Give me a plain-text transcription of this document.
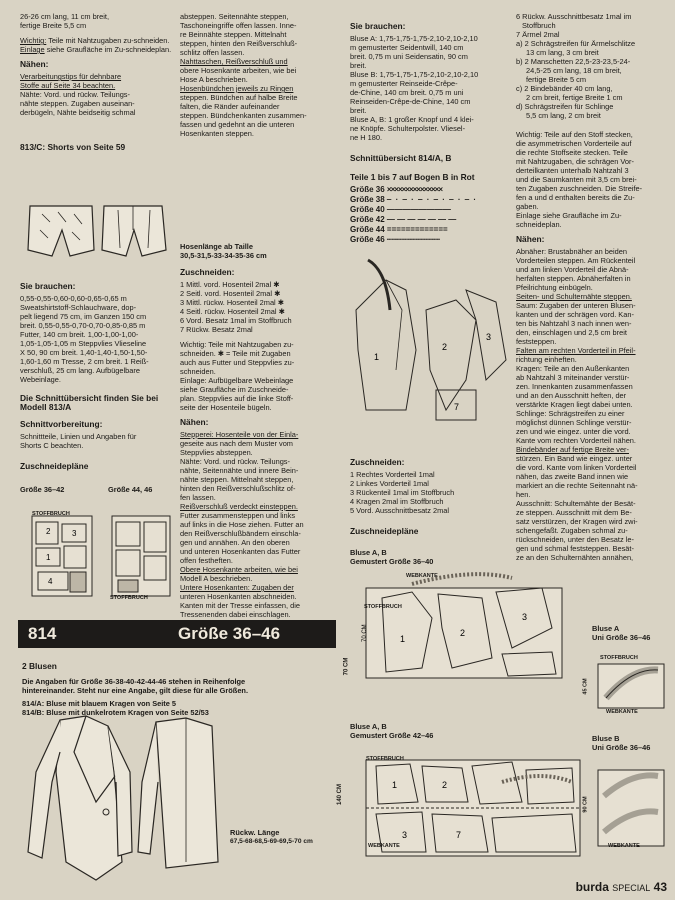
26-26 cm lang, 11 cm breit,
fertige Breite 5,5 cm

Wichtig: Teile mit Nahtzugaben zu-schneiden.
Einlage siehe Graufläche im Zu-schneideplan.

Nähen:
Verarbeitungstips für dehnbare
Stoffe auf Seite 34 beachten.
Nähte: Vord. und rückw. Teilungs-
nähte steppen. Zugaben auseinan-
derbügeln, Nähte beidseitig schmal
813/C: Shorts von Seite 59
Sie brauchen:
0,55-0,55-0,60-0,60-0,65-0,65 m
Sweatshirtstoff-Schlauchware, dop-
pelt liegend 75 cm, im Ganzen 150 cm
breit. 0,55-0,55-0,70-0,70-0,85-0,85 m
Futter, 140 cm breit. 1,00-1,00-1,00-
1,05-1,05-1,05 m Steppvlies Vlieseline
X 50, 90 cm breit. 1,40-1,40-1,50-1,50-
1,60-1,60 m Tresse, 2 cm breit. 1 Reiß-
verschluß, 25 cm lang. Aufbügelbare
Webeinlage.
Die Schnittübersicht finden Sie bei Modell 813/A
Schnittvorbereitung:
Schnittteile, Linien und Angaben für
Shorts C beachten.
Zuschneidepläne
Größe 36–42	Größe 44, 46
2	3
1
4
STOFFBRUCH
STOFFBRUCH
absteppen. Seitennähte steppen,
Taschoneingriffe offen lassen. Inne-
re Beinnähte steppen. Mittelnaht
steppen, hinten den Reißverschluß-
schlitz offen lassen.
Nahttaschen, Reißverschluß und
obere Hosenkante arbeiten, wie bei
Hose A beschrieben.
Hosenbündchen jeweils zu Ringen
steppen. Bündchen auf halbe Breite
falten, die Ränder aufeinander
steppen. Bündchenkanten zusammen-
fassen und gedehnt an die unteren
Hosenkanten steppen.
Hosenlänge ab Taille
30,5-31,5-33-34-35-36 cm
Zuschneiden:
1 Mittl. vord. Hosenteil 2mal ✱
2 Seitl. vord. Hosenteil 2mal ✱
3 Mittl. rückw. Hosenteil 2mal ✱
4 Seitl. rückw. Hosenteil 2mal ✱
6 Vord. Besatz 1mal im Stoffbruch
7 Rückw. Besatz 2mal
Wichtig: Teile mit Nahtzugaben zu-
schneiden. ✱ = Teile mit Zugaben
auch aus Futter und Steppvlies zu-
schneiden.
Einlage: Aufbügelbare Webeinlage
siehe Graufläche im Zuschneide-
plan. Steppvlies auf die linke Stoff-
seite der Hosenteile bügeln.
Nähen:
Stepperei: Hosenteile von der Einla-
geseite aus nach dem Muster vom
Steppvlies absteppen.
Nähte: Vord. und rückw. Teilungs-
nähte, Seitennähte und innere Bein-
nähte steppen. Mittelnaht steppen,
hinten den Reißverschlußschlitz of-
fen lassen.
Reißverschluß verdeckt einsteppen.
Futter zusammensteppen und links
auf links in die Hose ziehen. Futter an
den Reißverschlußbändern einschla-
gen und annähen. An den oberen
und unteren Hosenkanten das Futter
offen festheften.
Obere Hosenkante arbeiten, wie bei
Modell A beschrieben.
Untere Hosenkanten: Zugaben der
unteren Hosenkanten abschneiden.
Kanten mit der Tresse einfassen, die
Tressenenden dabei einschlagen.
814	Größe 36–46
2 Blusen
Die Angaben für Größe 36-38-40-42-44-46 stehen in Reihenfolge
hintereinander. Steht nur eine Angabe, gilt diese für alle Größen.
814/A: Bluse mit blauem Kragen von Seite 5
814/B: Bluse mit dunkelrotem Kragen von Seite 52/53
Rückw. Länge
67,5-68-68,5-69-69,5-70 cm
Sie brauchen:
Bluse A: 1,75-1,75-1,75-2,10-2,10-2,10
m gemusterter Seidentwill, 140 cm
breit. 0,75 m uni Seidensatin, 90 cm
breit.
Bluse B: 1,75-1,75-1,75-2,10-2,10-2,10
m gemusterter Reinseide-Crêpe-
de-Chine, 140 cm breit. 0,75 m uni
Reinseiden-Crêpe-de-Chine, 140 cm
breit.
Bluse A, B: 1 großer Knopf und 4 klei-
ne Knöpfe. Schulterpolster. Vliesel-
ne H 180.
Schnittübersicht 814/A, B
Teile 1 bis 7 auf Bogen B in Rot
Größe 36 ×××××××××××××××
Größe 38 ‒ · ‒ · ‒ · ‒ · ‒ · ‒ ·
Größe 40 ————————
Größe 42 — — — — — — —
Größe 44 =============
Größe 46 ┄┄┄┄┄┄┄┄┄┄┄
1
2
3
7
Zuschneiden:
1 Rechtes Vorderteil 1mal
2 Linkes Vorderteil 1mal
3 Rückenteil 1mal im Stoffbruch
4 Kragen 2mal im Stoffbruch
5 Vord. Ausschnittbesatz 2mal
Zuschneidepläne
Bluse A, B
Gemustert Größe 36–40
1
2
3
70 CM
WEBKANTE
STOFFBRUCH
70 CM
Bluse A, B
Gemustert Größe 42–46
1	2
3	7
STOFFBRUCH
WEBKANTE
140 CM
6 Rückw. Ausschnittbesatz 1mal im
Stoffbruch
7 Ärmel 2mal
a) 2 Schrägstreifen für Ärmelschlitze
13 cm lang, 3 cm breit
b) 2 Manschetten 22,5-23-23,5-24-
24,5-25 cm lang, 18 cm breit,
fertige Breite 5 cm
c) 2 Bindebänder 40 cm lang,
2 cm breit, fertige Breite 1 cm
d) Schrägstreifen für Schlinge
5,5 cm lang, 2 cm breit
Wichtig: Teile auf den Stoff stecken,
die asymmetrischen Vorderteile auf
die rechte Stoffseite stecken. Teile
mit Nahtzugaben, die schrägen Vor-
derteilkanten unterhalb Nahtzahl 3
und die Saumkanten mit 3,5 cm brei-
ten Zugaben zuschneiden. Die Streife-
fen a und d enthalten bereits die Zu-
gaben.
Einlage siehe Graufläche im Zu-
schneideplan.
Nähen:
Abnäher: Brustabnäher an beiden
Vorderteilen steppen. Am Rückenteil
und am linken Vorderteil die Abnä-
herfalten steppen. Abnäherfalten in
Pfeilrichtung einbügeln.
Seiten- und Schulternähte steppen.
Saum: Zugaben der unteren Blusen-
kanten und der schrägen vord. Kan-
ten bis Nahtzahl 3 nach innen wen-
den, einschlagen und 2,5 cm breit
feststeppen.
Falten am rechten Vorderteil in Pfeil-
richtung einheften.
Kragen: Teile an den Außenkanten
ab Nahtzahl 3 miteinander verstür-
zen. Innenkanten zusammenfassen
und an den Ausschnitt heften, der
verstärkte Kragen liegt dabei unten.
Schlinge: Schrägstreifen zu einer
möglichst dünnen Schlinge verstür-
zen und wie eingez. unter die vord.
Kante vom rechten Vorderteil nähen.
Bindebänder auf fertige Breite ver-
stürzen. Ein Band wie eingez. unter
die vord. Kante vom linken Vorderteil
nähen, das zweite Band innen wie
markiert an die rechte Seitennaht nä-
hen.
Ausschnitt: Schultemähte der Besät-
ze steppen. Ausschnitt mit dem Be-
satz verstürzen, der Kragen wird zwi-
schengefaßt. Zugaben schmal zu-
rückschneiden, unter den Besatz le-
gen und schmal feststeppen. Besät-
ze an den Schulternähten annähen,
Bluse A
Uni Größe 36–46
STOFFBRUCH
WEBKANTE
45 CM
Bluse B
Uni Größe 36–46
WEBKANTE
90 CM
burda SPECIAL 43
